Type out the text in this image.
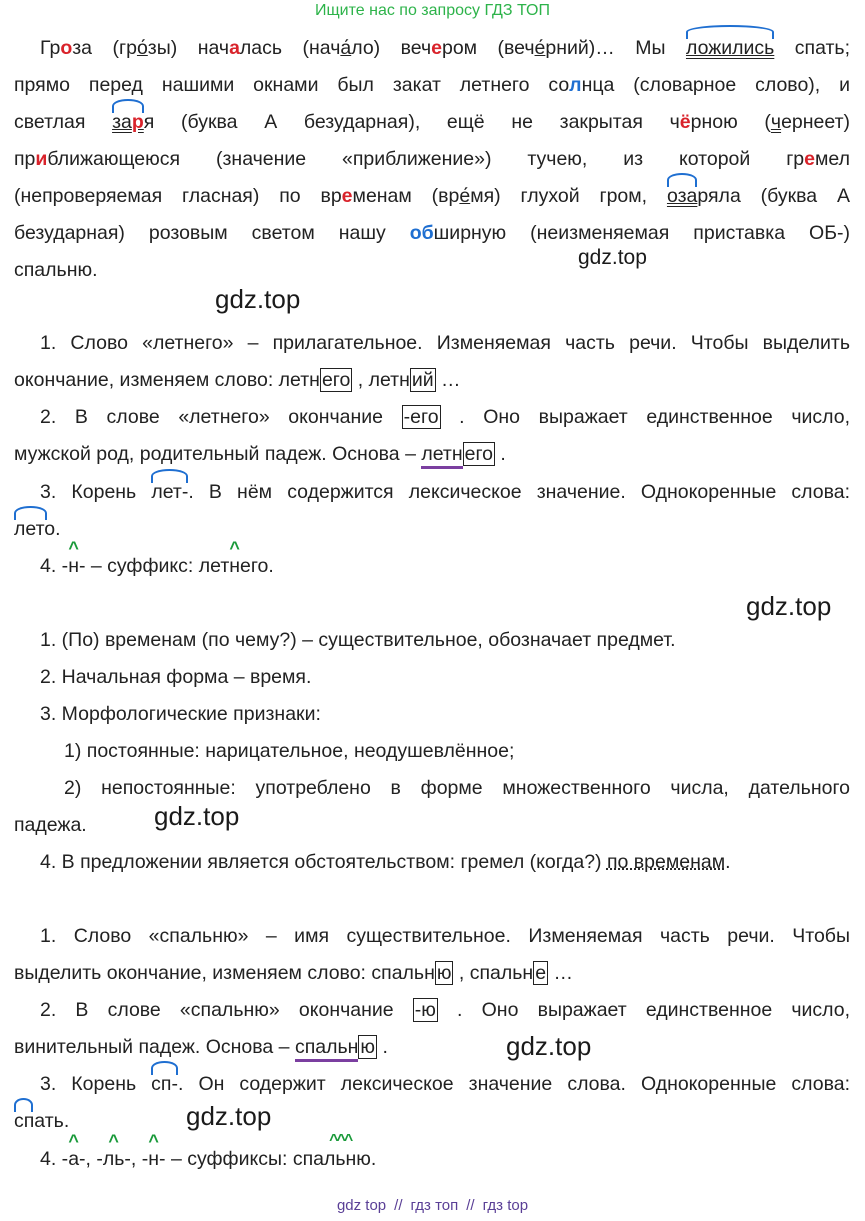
Ищите нас по запросу ГДЗ ТОП
Гроза (гро́зы) началась (нача́ло) вечером (вече́рний)… Мы
ложились спать;
прямо перед нашими окнами был закат летнего солнца (словарное слово), и
светлая
заря (буква А безударная), ещё не закрытая чёрною (чернеет)
приближающеюся (значение «приближение») тучею, из которой гремел
(непроверяемая гласная) по временам (вре́мя) глухой гром,
озаряла (буква А
безударная) розовым светом нашу обширную (неизменяемая приставка ОБ-)
спальню.
gdz.top
gdz.top
1. Слово «летнего» – прилагательное. Изменяемая часть речи. Чтобы выделить
окончание, изменяем слово: летн его , летн ий …
2. В слове «летнего» окончание -его . Оно выражает единственное число,
мужской род, родительный падеж. Основа – летн его .
3. Корень
лет-. В нём содержится лексическое значение. Однокоренные слова:
лето.
4. -
^
н- – суффикс: лет
^
него.
gdz.top
1. (По) временам (по чему?) – существительное, обозначает предмет.
2. Начальная форма – время.
3. Морфологические признаки:
1) постоянные: нарицательное, неодушевлённое;
2) непостоянные: употреблено в форме множественного числа, дательного
падежа.	gdz.top
4. В предложении является обстоятельством: гремел (когда?) по временам.
1. Слово «спальню» – имя существительное. Изменяемая часть речи. Чтобы
выделить окончание, изменяем слово: спальн ю , спальн е …
2. В слове «спальню» окончание -ю . Оно выражает единственное число,
винительный падеж. Основа – спальн ю .	gdz.top
3. Корень
сп-. Он содержит лексическое значение слова. Однокоренные слова:
спать.	gdz.top
4. -
^
а-, -
^
ль-, -
^
н- – суффиксы: спа
^^^
льню.
gdz top // гдз топ // гдз top
